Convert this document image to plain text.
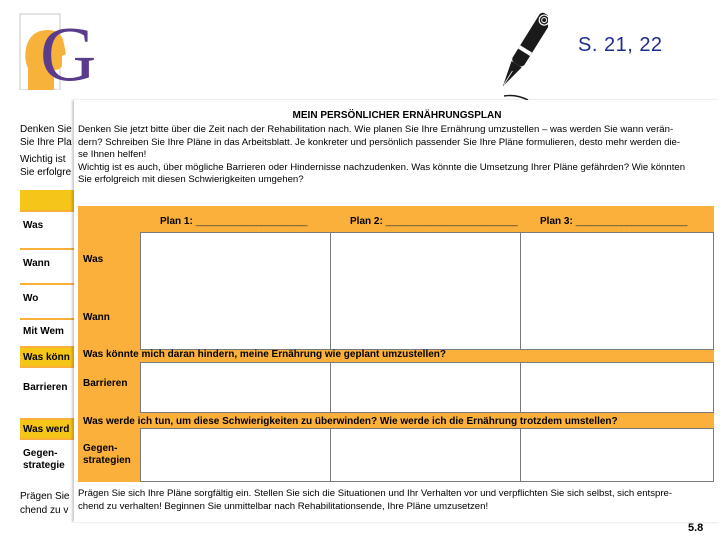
G	S. 21, 22
Denken Sie
Sie Ihre Pla
Wichtig ist
Sie erfolgre
Was
Wann
Wo
Mit Wem
Was könn
Barrieren
Was werd
Gegen-
strategie
Prägen Sie
chend zu v
MEIN PERSÖNLICHER ERNÄHRUNGSPLAN

Denken Sie jetzt bitte über die Zeit nach der Rehabilitation nach. Wie planen Sie Ihre Ernährung umzustellen – was werden Sie wann verän-

dern? Schreiben Sie Ihre Pläne in das Arbeitsblatt. Je konkreter und persönlich passender Sie Ihre Pläne formulieren, desto mehr werden die-

se Ihnen helfen!

Wichtig ist es auch, über mögliche Barrieren oder Hindernisse nachzudenken. Was könnte die Umsetzung Ihrer Pläne gefährden? Wie könnten

Sie erfolgreich mit diesen Schwierigkeiten umgehen?

Plan 1: ______________________	Plan 2: __________________________ Plan 3: ______________________
Was
Wann
Was könnte mich daran hindern, meine Ernährung wie geplant umzustellen?
Barrieren
Was werde ich tun, um diese Schwierigkeiten zu überwinden? Wie werde ich die Ernährung trotzdem umstellen?
Gegen-
strategien

Prägen Sie sich Ihre Pläne sorgfältig ein. Stellen Sie sich die Situationen und Ihr Verhalten vor und verpflichten Sie sich selbst, sich entspre-

chend zu verhalten! Beginnen Sie unmittelbar nach Rehabilitationsende, Ihre Pläne umzusetzen!

5.8
